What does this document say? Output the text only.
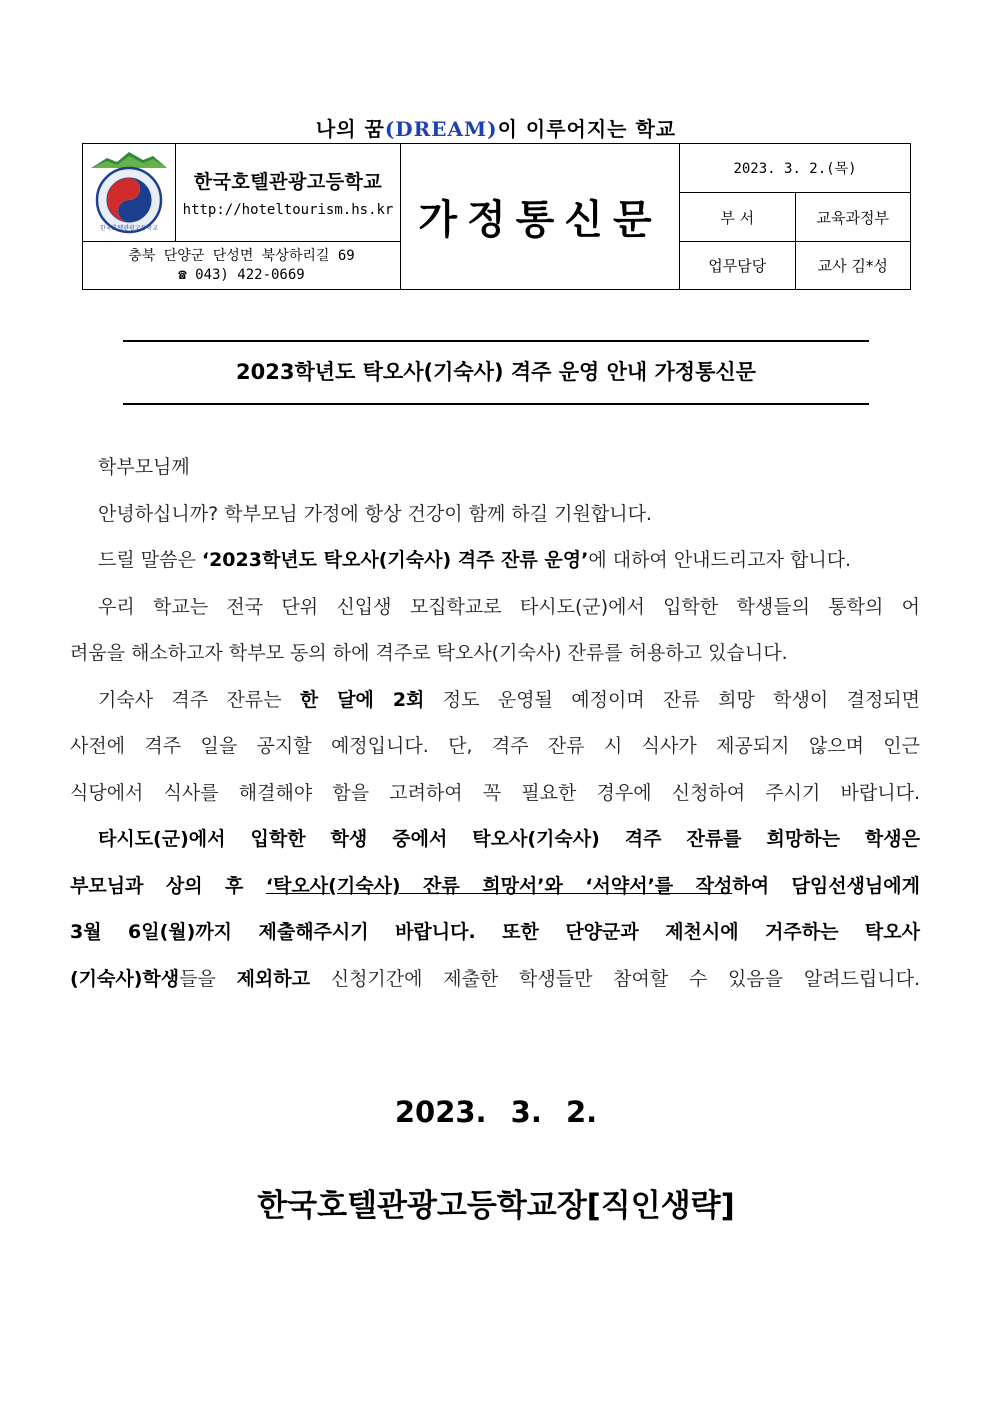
나의 꿈(DREAM)이 이루어지는 학교
한국호텔관광고등학교	한국호텔관광고등학교
http://hoteltourism.hs.kr	가정통신문	2023. 3. 2.(목)	
			부 서	교육과정부

충북 단양군 단성면 북상하리길 69
☎ 043) 422-0669			업무담당	교사 김*성
2023학년도 탁오사(기숙사) 격주 운영 안내 가정통신문
학부모님께
안녕하십니까? 학부모님 가정에 항상 건강이 함께 하길 기원합니다.
드릴 말씀은 ‘2023학년도 탁오사(기숙사) 격주 잔류 운영’에 대하여 안내드리고자 합니다.
우리 학교는 전국 단위 신입생 모집학교로 타시도(군)에서 입학한 학생들의 통학의 어
려움을 해소하고자 학부모 동의 하에 격주로 탁오사(기숙사) 잔류를 허용하고 있습니다.
기숙사 격주 잔류는 한 달에 2회 정도 운영될 예정이며 잔류 희망 학생이 결정되면
사전에 격주 일을 공지할 예정입니다. 단, 격주 잔류 시 식사가 제공되지 않으며 인근
식당에서 식사를 해결해야 함을 고려하여 꼭 필요한 경우에 신청하여 주시기 바랍니다.
타시도(군)에서 입학한 학생 중에서 탁오사(기숙사) 격주 잔류를 희망하는 학생은
부모님과 상의 후 ‘탁오사(기숙사) 잔류 희망서’와 ‘서약서’를 작성하여 담임선생님에게
3월 6일(월)까지 제출해주시기 바랍니다. 또한 단양군과 제천시에 거주하는 탁오사
(기숙사)학생들을 제외하고 신청기간에 제출한 학생들만 참여할 수 있음을 알려드립니다.
2023. 3. 2.
한국호텔관광고등학교장[직인생략]
